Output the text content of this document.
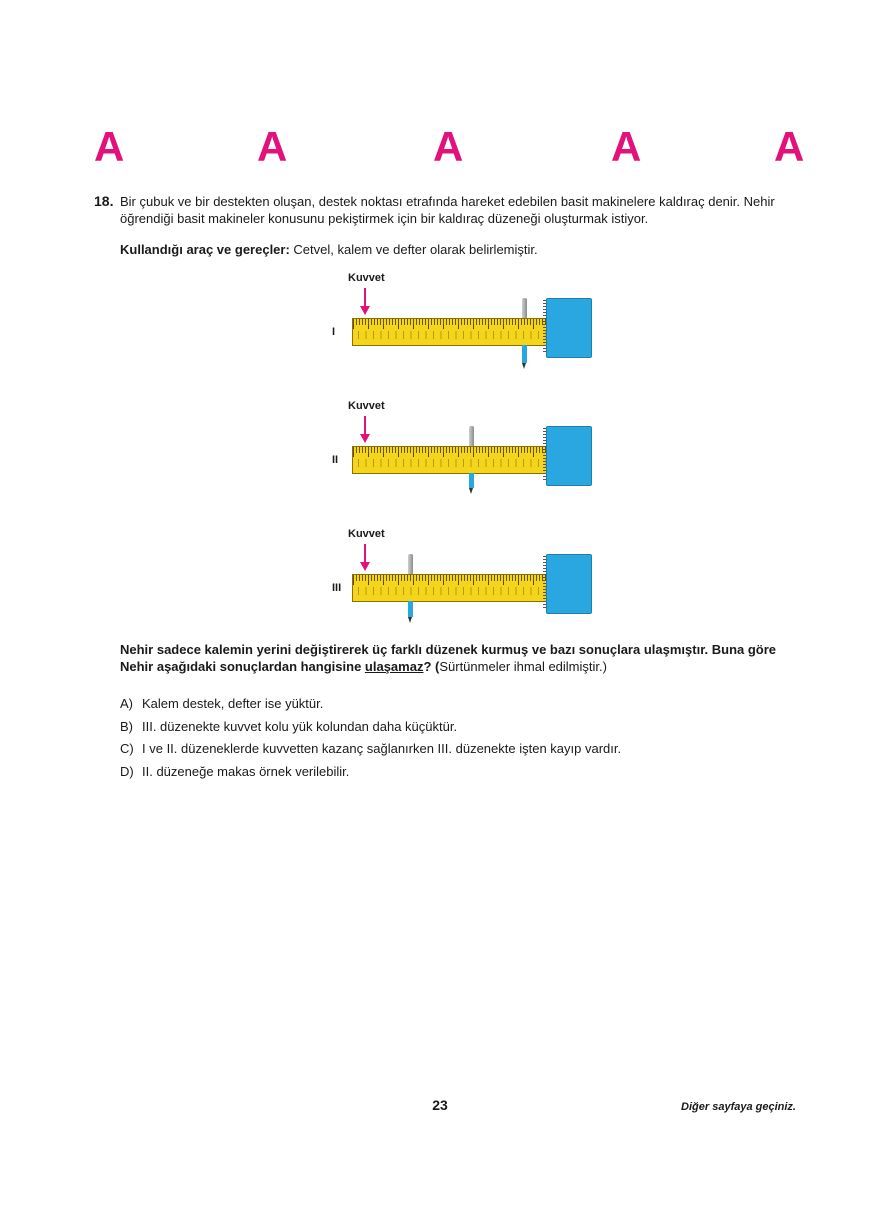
A	A	A	A	A
18. Bir çubuk ve bir destekten oluşan, destek noktası etrafında hareket edebilen basit makinelere kaldıraç denir. Nehir
öğrendiği basit makineler konusunu pekiştirmek için bir kaldıraç düzeneği oluşturmak istiyor.
Kullandığı araç ve gereçler: Cetvel, kalem ve defter olarak belirlemiştir.
Kuvvet
I
Kuvvet
II
Kuvvet
III
Nehir sadece kalemin yerini değiştirerek üç farklı düzenek kurmuş ve bazı sonuçlara ulaşmıştır. Buna göre
Nehir aşağıdaki sonuçlardan hangisine ulaşamaz? (Sürtünmeler ihmal edilmiştir.)
A) Kalem destek, defter ise yüktür.
B) III. düzenekte kuvvet kolu yük kolundan daha küçüktür.
C) I ve II. düzeneklerde kuvvetten kazanç sağlanırken III. düzenekte işten kayıp vardır.
D) II. düzeneğe makas örnek verilebilir.
23	Diğer sayfaya geçiniz.
